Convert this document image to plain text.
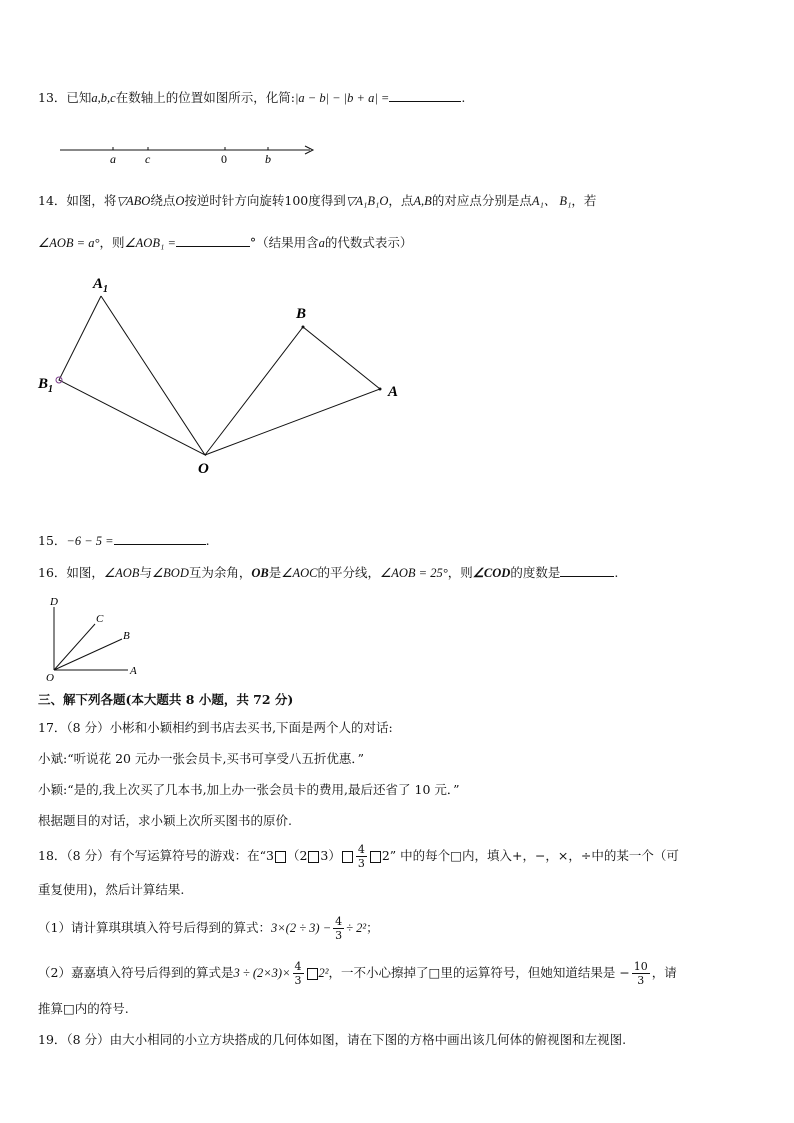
13．已知a,b,c在数轴上的位置如图所示，化简:|a − b| − |b + a| =	.
a c	0	b
14．如图，将▽ABO绕点O按逆时针方向旋转100度得到▽A₁B₁O，点A,B的对应点分别是点A₁、 B₁，若
∠AOB = a°，则∠AOB₁ =	°（结果用含a的代数式表示）
$A_1$
$B_1$
B
A
O
15．−6 − 5 =	.
16．如图，∠AOB与∠BOD互为余角，OB是∠AOC的平分线，∠AOB = 25°，则∠COD的度数是	.
D
C
B
O
A
三、解下列各题(本大题共 8 小题，共 72 分)
17．（8 分）小彬和小颖相约到书店去买书,下面是两个人的对话:
小斌:“听说花 20 元办一张会员卡,买书可享受八五折优惠．”
小颖:“是的,我上次买了几本书,加上办一张会员卡的费用,最后还省了 10 元．”
根据题目的对话，求小颖上次所买图书的原价.
18．（8 分）有个写运算符号的游戏：在“3 （2 $3) \frac{4}{3} 2$” 中的每个□内，填入+，−，×，÷中的某一个（可
重复使用)，然后计算结果.
（1）请计算琪琪填入符号后得到的算式：$3\times(2 \div 3) - \frac{4}{3} \div 2^2$；
（2）嘉嘉填入符号后得到的算式是$3 \div (2\times 3)\times \frac{4}{3} 2^2$，一不小心擦掉了□里的运算符号，但她知道结果是 − $\frac{10}{3}$ ，请
推算□内的符号.
19．（8 分）由大小相同的小立方块搭成的几何体如图，请在下图的方格中画出该几何体的俯视图和左视图.
